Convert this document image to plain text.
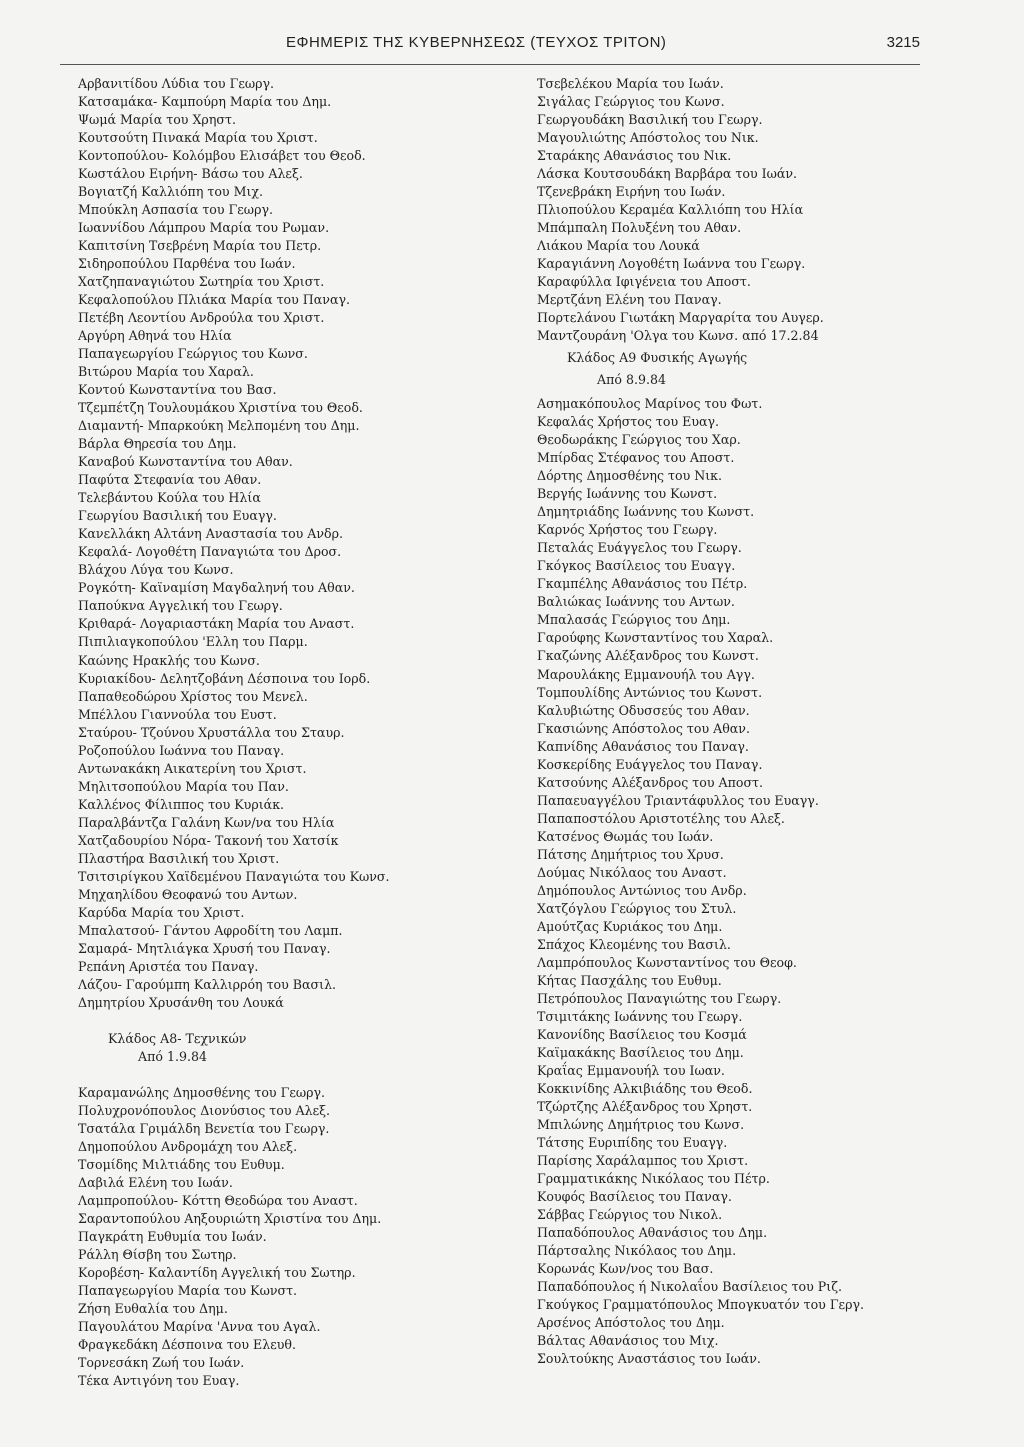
ΕΦΗΜΕΡΙΣ ΤΗΣ ΚΥΒΕΡΝΗΣΕΩΣ (ΤΕΥΧΟΣ ΤΡΙΤΟΝ)	3215
Αρβανιτίδου Λύδια του Γεωργ.
Κατσαμάκα- Καμπούρη Μαρία του Δημ.
Ψωμά Μαρία του Χρηστ.
Κουτσούτη Πινακά Μαρία του Χριστ.
Κοντοπούλου- Κολόμβου Ελισάβετ του Θεοδ.
Κωστάλου Ειρήνη- Βάσω του Αλεξ.
Βογιατζή Καλλιόπη του Μιχ.
Μπούκλη Ασπασία του Γεωργ.
Ιωαννίδου Λάμπρου Μαρία του Ρωμαν.
Καπιτσίνη Τσεβρένη Μαρία του Πετρ.
Σιδηροπούλου Παρθένα του Ιωάν.
Χατζηπαναγιώτου Σωτηρία του Χριστ.
Κεφαλοπούλου Πλιάκα Μαρία του Παναγ.
Πετέβη Λεοντίου Ανδρούλα του Χριστ.
Αργύρη Αθηνά του Ηλία
Παπαγεωργίου Γεώργιος του Κωνσ.
Βιτώρου Μαρία του Χαραλ.
Κοντού Κωνσταντίνα του Βασ.
Τζεμπέτζη Τουλουμάκου Χριστίνα του Θεοδ.
Διαμαντή- Μπαρκούκη Μελπομένη του Δημ.
Βάρλα Θηρεσία του Δημ.
Καναβού Κωνσταντίνα του Αθαν.
Παφύτα Στεφανία του Αθαν.
Τελεβάντου Κούλα του Ηλία
Γεωργίου Βασιλική του Ευαγγ.
Κανελλάκη Αλτάνη Αναστασία του Ανδρ.
Κεφαλά- Λογοθέτη Παναγιώτα του Δροσ.
Βλάχου Λύγα του Κωνσ.
Ρογκότη- Καϊναμίση Μαγδαληνή του Αθαν.
Παπούκνα Αγγελική του Γεωργ.
Κριθαρά- Λογαριαστάκη Μαρία του Αναστ.
Πιπιλιαγκοπούλου 'Ελλη του Παρμ.
Καώνης Ηρακλής του Κωνσ.
Κυριακίδου- Δελητζοβάνη Δέσποινα του Ιορδ.
Παπαθεοδώρου Χρίστος του Μενελ.
Μπέλλου Γιαννούλα του Ευστ.
Σταύρου- Τζούνου Χρυστάλλα του Σταυρ.
Ροζοπούλου Ιωάννα του Παναγ.
Αντωνακάκη Αικατερίνη του Χριστ.
Μηλιτσοπούλου Μαρία του Παν.
Καλλένος Φίλιππος του Κυριάκ.
Παραλβάντζα Γαλάνη Κων/να του Ηλία
Χατζαδουρίου Νόρα- Τακονή του Χατσίκ
Πλαστήρα Βασιλική του Χριστ.
Τσιτσιρίγκου Χαϊδεμένου Παναγιώτα του Κωνσ.
Μηχαηλίδου Θεοφανώ του Αντων.
Καρύδα Μαρία του Χριστ.
Μπαλατσού- Γάντου Αφροδίτη του Λαμπ.
Σαμαρά- Μητλιάγκα Χρυσή του Παναγ.
Ρεπάνη Αριστέα του Παναγ.
Λάζου- Γαρούμπη Καλλιρρόη του Βασιλ.
Δημητρίου Χρυσάνθη του Λουκά
Κλάδος Α8- Τεχνικών
Από 1.9.84
Καραμανώλης Δημοσθένης του Γεωργ.
Πολυχρονόπουλος Διονύσιος του Αλεξ.
Τσατάλα Γριμάλδη Βενετία του Γεωργ.
Δημοπούλου Ανδρομάχη του Αλεξ.
Τσομίδης Μιλτιάδης του Ευθυμ.
Δαβιλά Ελένη του Ιωάν.
Λαμπροπούλου- Κόττη Θεοδώρα του Αναστ.
Σαραντοπούλου Αηξουριώτη Χριστίνα του Δημ.
Παγκράτη Ευθυμία του Ιωάν.
Ράλλη Θίσβη του Σωτηρ.
Κοροβέση- Καλαντίδη Αγγελική του Σωτηρ.
Παπαγεωργίου Μαρία του Κωνστ.
Ζήση Ευθαλία του Δημ.
Παγουλάτου Μαρίνα 'Αννα του Αγαλ.
Φραγκεδάκη Δέσποινα του Ελευθ.
Τορνεσάκη Ζωή του Ιωάν.
Τέκα Αντιγόνη του Ευαγ.
Τσεβελέκου Μαρία του Ιωάν.
Σιγάλας Γεώργιος του Κωνσ.
Γεωργουδάκη Βασιλική του Γεωργ.
Μαγουλιώτης Απόστολος του Νικ.
Σταράκης Αθανάσιος του Νικ.
Λάσκα Κουτσουδάκη Βαρβάρα του Ιωάν.
Τζενεβράκη Ειρήνη του Ιωάν.
Πλιοπούλου Κεραμέα Καλλιόπη του Ηλία
Μπάμπαλη Πολυξένη του Αθαν.
Λιάκου Μαρία του Λουκά
Καραγιάννη Λογοθέτη Ιωάννα του Γεωργ.
Καραφύλλα Ιφιγένεια του Αποστ.
Μερτζάνη Ελένη του Παναγ.
Πορτελάνου Γιωτάκη Μαργαρίτα του Αυγερ.
Μαντζουράνη 'Ολγα του Κωνσ. από 17.2.84
Κλάδος Α9 Φυσικής Αγωγής
Από 8.9.84
Ασημακόπουλος Μαρίνος του Φωτ.
Κεφαλάς Χρήστος του Ευαγ.
Θεοδωράκης Γεώργιος του Χαρ.
Μπίρδας Στέφανος του Αποστ.
Δόρτης Δημοσθένης του Νικ.
Βεργής Ιωάννης του Κωνστ.
Δημητριάδης Ιωάννης του Κωνστ.
Καρνός Χρήστος του Γεωργ.
Πεταλάς Ευάγγελος του Γεωργ.
Γκόγκος Βασίλειος του Ευαγγ.
Γκαμπέλης Αθανάσιος του Πέτρ.
Βαλιώκας Ιωάννης του Αντων.
Μπαλασάς Γεώργιος του Δημ.
Γαρούφης Κωνσταντίνος του Χαραλ.
Γκαζώνης Αλέξανδρος του Κωνστ.
Μαρουλάκης Εμμανουήλ του Αγγ.
Τομπουλίδης Αντώνιος του Κωνστ.
Καλυβιώτης Οδυσσεύς του Αθαν.
Γκασιώνης Απόστολος του Αθαν.
Καπνίδης Αθανάσιος του Παναγ.
Κοσκερίδης Ευάγγελος του Παναγ.
Κατσούνης Αλέξανδρος του Αποστ.
Παπαευαγγέλου Τριαντάφυλλος του Ευαγγ.
Παπαποστόλου Αριστοτέλης του Αλεξ.
Κατσένος Θωμάς του Ιωάν.
Πάτσης Δημήτριος του Χρυσ.
Δούμας Νικόλαος του Αναστ.
Δημόπουλος Αντώνιος του Ανδρ.
Χατζόγλου Γεώργιος του Στυλ.
Αμούτζας Κυριάκος του Δημ.
Σπάχος Κλεομένης του Βασιλ.
Λαμπρόπουλος Κωνσταντίνος του Θεοφ.
Κήτας Πασχάλης του Ευθυμ.
Πετρόπουλος Παναγιώτης του Γεωργ.
Τσιμιτάκης Ιωάννης του Γεωργ.
Κανονίδης Βασίλειος του Κοσμά
Καϊμακάκης Βασίλειος του Δημ.
Κραΐας Εμμανουήλ του Ιωαν.
Κοκκινίδης Αλκιβιάδης του Θεοδ.
Τζώρτζης Αλέξανδρος του Χρηστ.
Μπιλώνης Δημήτριος του Κωνσ.
Τάτσης Ευριπίδης του Ευαγγ.
Παρίσης Χαράλαμπος του Χριστ.
Γραμματικάκης Νικόλαος του Πέτρ.
Κουφός Βασίλειος του Παναγ.
Σάββας Γεώργιος του Νικολ.
Παπαδόπουλος Αθανάσιος του Δημ.
Πάρτσαλης Νικόλαος του Δημ.
Κορωνάς Κων/νος του Βασ.
Παπαδόπουλος ή Νικολαΐου Βασίλειος του Ριζ.
Γκούγκος Γραμματόπουλος Μπογκυατόν του Γεργ.
Αρσένος Απόστολος του Δημ.
Βάλτας Αθανάσιος του Μιχ.
Σουλτούκης Αναστάσιος του Ιωάν.
